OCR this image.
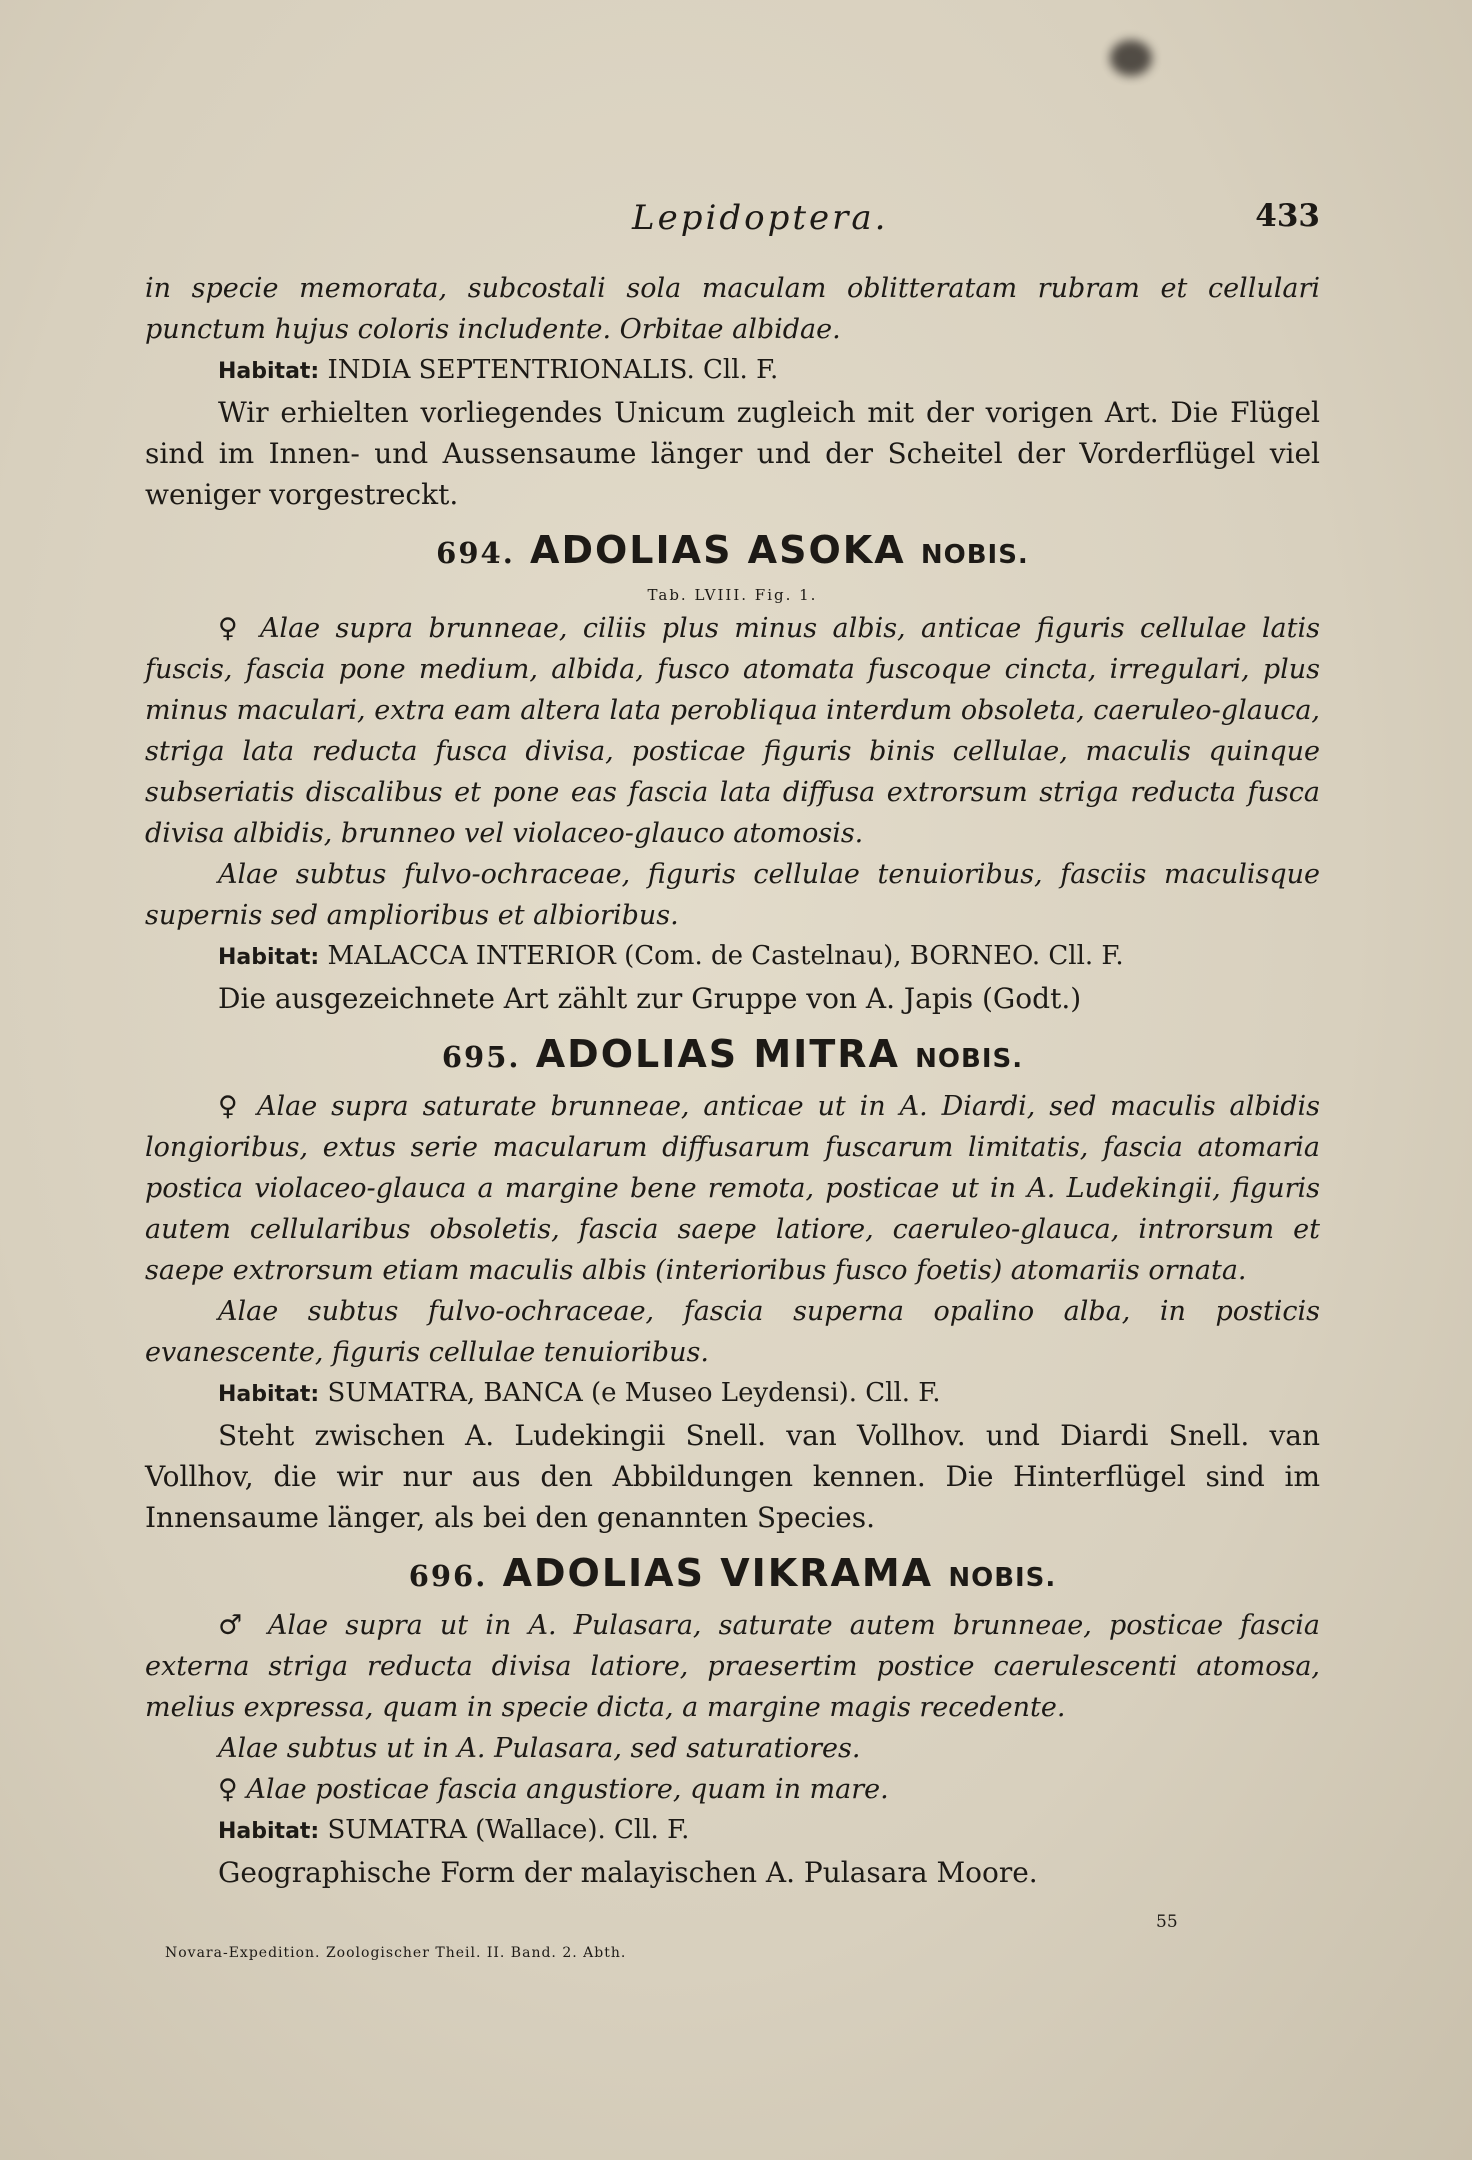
Lepidoptera.	433

in specie memorata, subcostali sola maculam oblitteratam rubram et cellulari punctum hujus coloris includente. Orbitae albidae.

Habitat: INDIA SEPTENTRIONALIS. Cll. F.

Wir erhielten vorliegendes Unicum zugleich mit der vorigen Art. Die Flügel sind im Innen- und Aussensaume länger und der Scheitel der Vorderflügel viel weniger vorgestreckt.

694. ADOLIAS ASOKA NOBIS.
Tab. LVIII. Fig. 1.

♀ Alae supra brunneae, ciliis plus minus albis, anticae figuris cellulae latis fuscis, fascia pone medium, albida, fusco atomata fuscoque cincta, irregulari, plus minus maculari, extra eam altera lata perobliqua interdum obsoleta, caeruleo-glauca, striga lata reducta fusca divisa, posticae figuris binis cellulae, maculis quinque subseriatis discalibus et pone eas fascia lata diffusa extrorsum striga reducta fusca divisa albidis, brunneo vel violaceo-glauco atomosis.

Alae subtus fulvo-ochraceae, figuris cellulae tenuioribus, fasciis maculisque supernis sed amplioribus et albioribus.

Habitat: MALACCA INTERIOR (Com. de Castelnau), BORNEO. Cll. F.

Die ausgezeichnete Art zählt zur Gruppe von A. Japis (Godt.)

695. ADOLIAS MITRA NOBIS.

♀ Alae supra saturate brunneae, anticae ut in A. Diardi, sed maculis albidis longioribus, extus serie macularum diffusarum fuscarum limitatis, fascia atomaria postica violaceo-glauca a margine bene remota, posticae ut in A. Ludekingii, figuris autem cellularibus obsoletis, fascia saepe latiore, caeruleo-glauca, introrsum et saepe extrorsum etiam maculis albis (interioribus fusco foetis) atomariis ornata.

Alae subtus fulvo-ochraceae, fascia superna opalino alba, in posticis evanescente, figuris cellulae tenuioribus.

Habitat: SUMATRA, BANCA (e Museo Leydensi). Cll. F.

Steht zwischen A. Ludekingii Snell. van Vollhov. und Diardi Snell. van Vollhov, die wir nur aus den Abbildungen kennen. Die Hinterflügel sind im Innensaume länger, als bei den genannten Species.

696. ADOLIAS VIKRAMA NOBIS.

♂ Alae supra ut in A. Pulasara, saturate autem brunneae, posticae fascia externa striga reducta divisa latiore, praesertim postice caerulescenti atomosa, melius expressa, quam in specie dicta, a margine magis recedente.

Alae subtus ut in A. Pulasara, sed saturatiores.

♀ Alae posticae fascia angustiore, quam in mare.

Habitat: SUMATRA (Wallace). Cll. F.

Geographische Form der malayischen A. Pulasara Moore.

55
Novara-Expedition. Zoologischer Theil. II. Band. 2. Abth.
